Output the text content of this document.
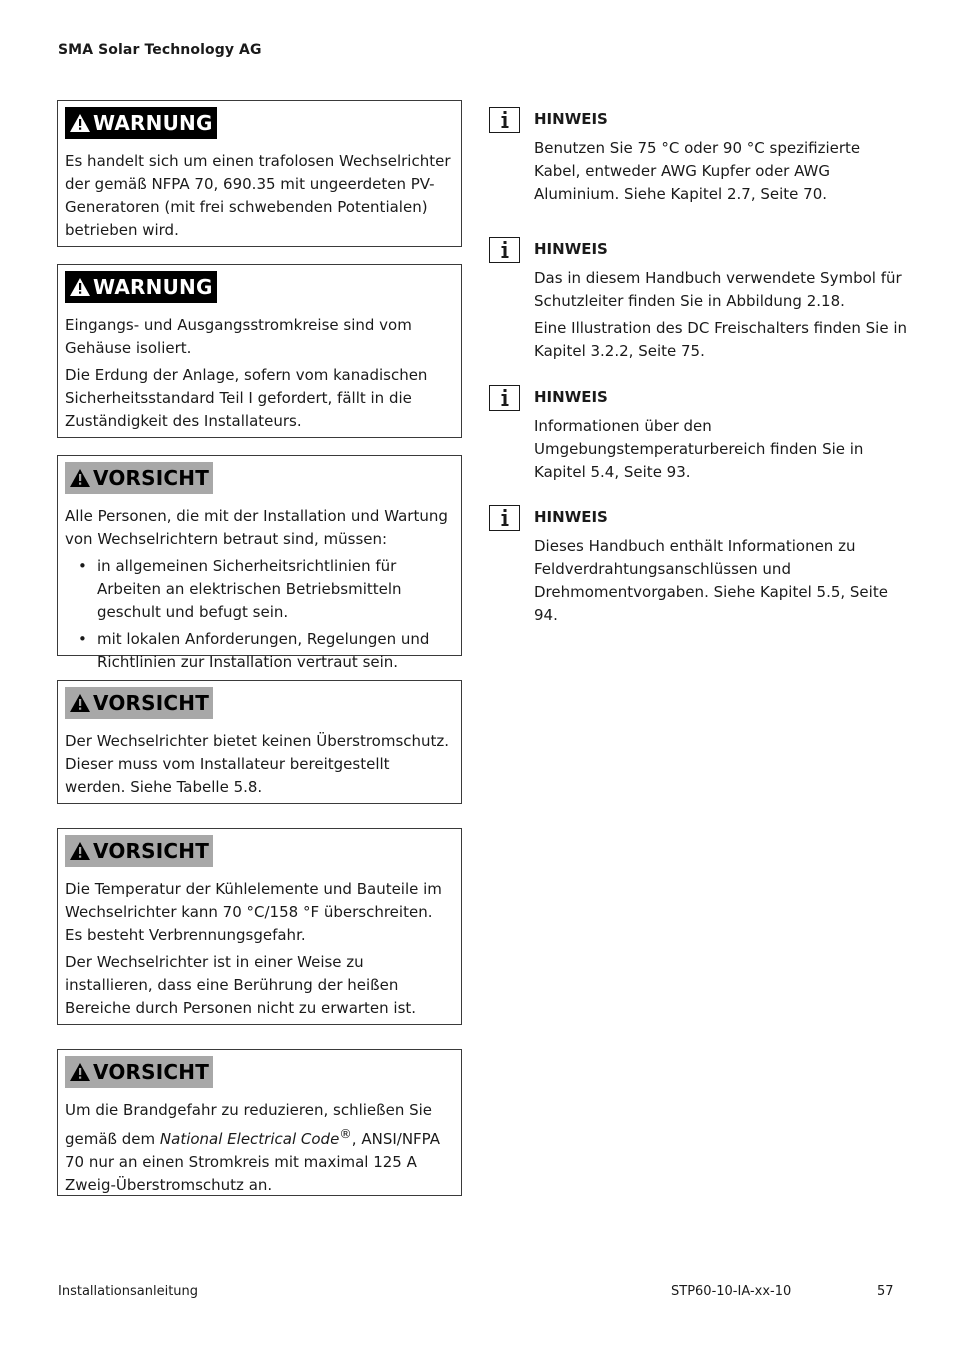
SMA Solar Technology AG
WARNUNG

Es handelt sich um einen trafolosen Wechselrichter der gemäß NFPA 70, 690.35 mit ungeerdeten PV-Generatoren (mit frei schwebenden Potentialen) betrieben wird.

WARNUNG

Eingangs- und Ausgangsstromkreise sind vom Gehäuse isoliert.

Die Erdung der Anlage, sofern vom kanadischen Sicherheitsstandard Teil I gefordert, fällt in die Zuständigkeit des Installateurs.

VORSICHT

Alle Personen, die mit der Installation und Wartung von Wechselrichtern betraut sind, müssen:

• in allgemeinen Sicherheitsrichtlinien für Arbeiten an elektrischen Betriebsmitteln geschult und befugt sein.
• mit lokalen Anforderungen, Regelungen und Richtlinien zur Installation vertraut sein.
VORSICHT

Der Wechselrichter bietet keinen Überstromschutz. Dieser muss vom Installateur bereitgestellt werden. Siehe Tabelle 5.8.

VORSICHT

Die Temperatur der Kühlelemente und Bauteile im Wechselrichter kann 70 °C/158 °F überschreiten. Es besteht Verbrennungsgefahr.

Der Wechselrichter ist in einer Weise zu installieren, dass eine Berührung der heißen Bereiche durch Personen nicht zu erwarten ist.

VORSICHT

Um die Brandgefahr zu reduzieren, schließen Sie gemäß dem National Electrical Code®, ANSI/NFPA 70 nur an einen Stromkreis mit maximal 125 A Zweig-Überstromschutz an.

HINWEIS

Benutzen Sie 75 °C oder 90 °C spezifizierte Kabel, entweder AWG Kupfer oder AWG Aluminium. Siehe Kapitel 2.7, Seite 70.

HINWEIS

Das in diesem Handbuch verwendete Symbol für Schutzleiter finden Sie in Abbildung 2.18.

Eine Illustration des DC Freischalters finden Sie in Kapitel 3.2.2, Seite 75.

HINWEIS

Informationen über den Umgebungstemperaturbereich finden Sie in Kapitel 5.4, Seite 93.

HINWEIS

Dieses Handbuch enthält Informationen zu Feldverdrahtungsanschlüssen und Drehmomentvorgaben. Siehe Kapitel 5.5, Seite 94.

Installationsanleitung	STP60-10-IA-xx-10	57
